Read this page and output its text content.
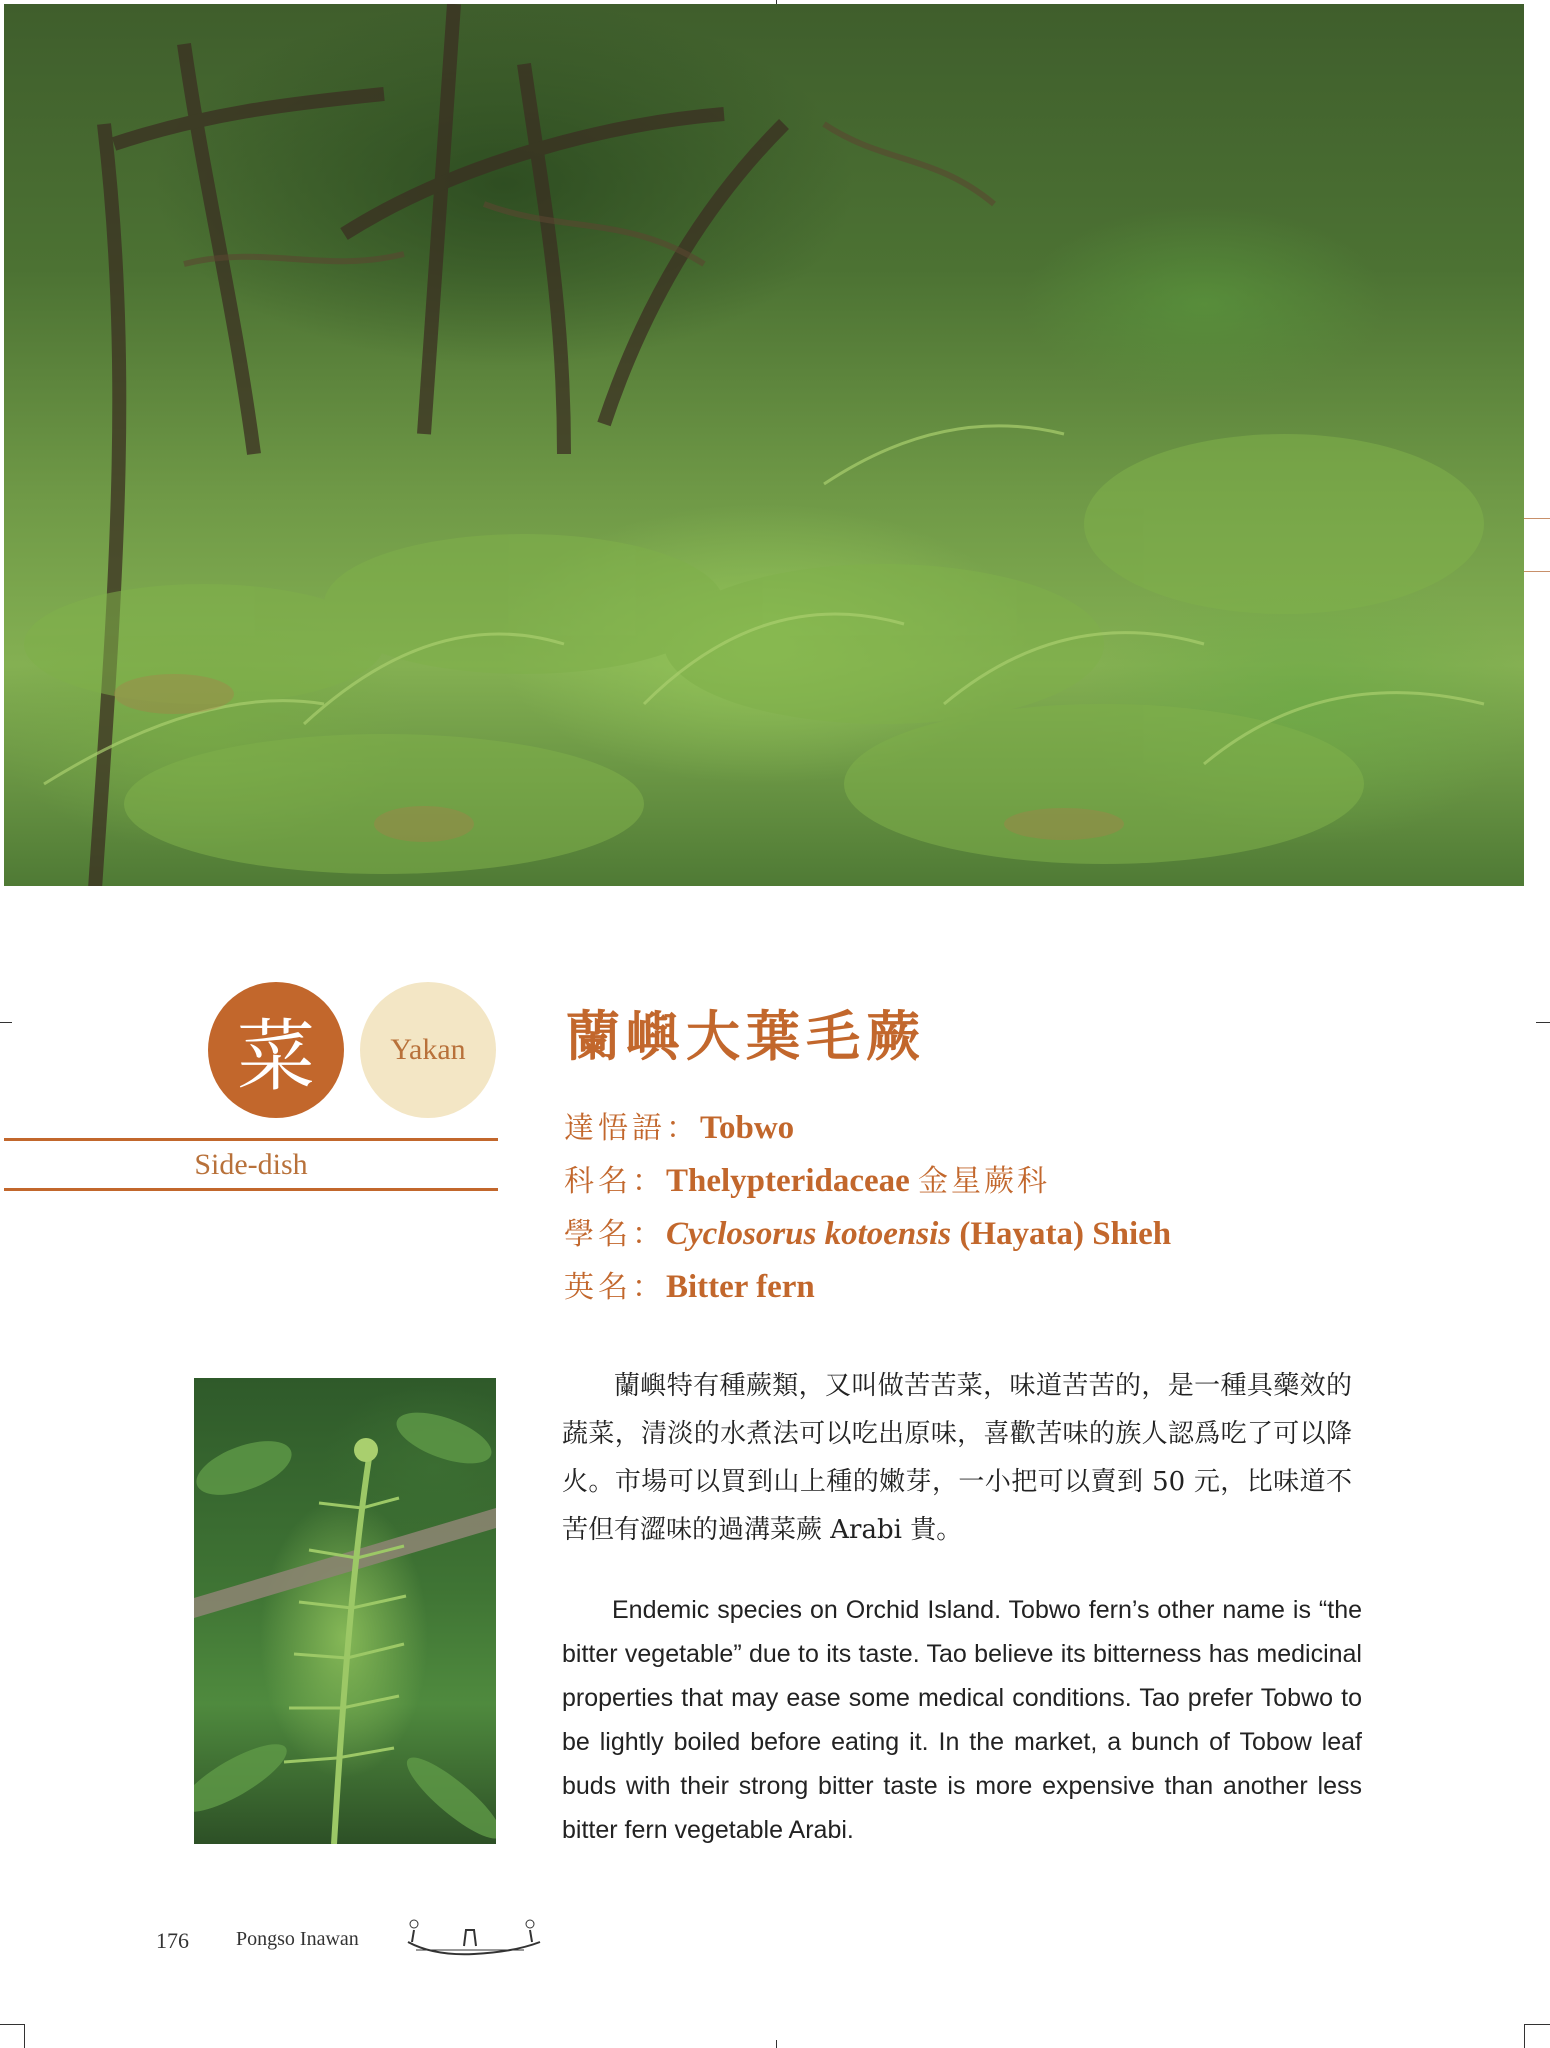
菜	Yakan
Side-dish
蘭嶼大葉毛蕨
達悟語：Tobwo
科名：Thelypteridaceae 金星蕨科
學名：Cyclosorus kotoensis (Hayata) Shieh
英名：Bitter fern
蘭嶼特有種蕨類，又叫做苦苦菜，味道苦苦的，是一種具藥效的蔬菜，清淡的水煮法可以吃出原味，喜歡苦味的族人認爲吃了可以降火。市場可以買到山上種的嫩芽，一小把可以賣到 50 元，比味道不苦但有澀味的過溝菜蕨 Arabi 貴。
Endemic species on Orchid Island. Tobwo fern’s other name is “the bitter vegetable” due to its taste. Tao believe its bitterness has medicinal properties that may ease some medical conditions. Tao prefer Tobwo to be lightly boiled before eating it. In the market, a bunch of Tobow leaf buds with their strong bitter taste is more expensive than another less bitter fern vegetable Arabi.
176 Pongso Inawan
